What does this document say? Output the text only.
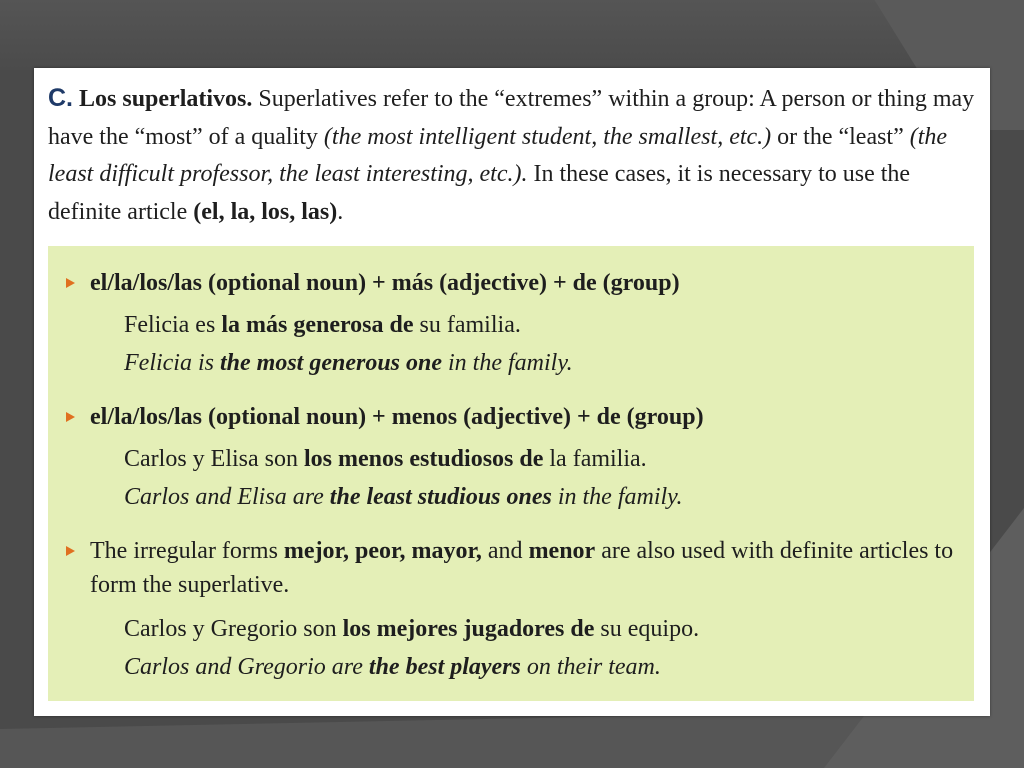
C. Los superlativos. Superlatives refer to the “extremes” within a group: A person or thing may have the “most” of a quality (the most intelligent student, the smallest, etc.) or the “least” (the least difficult professor, the least interesting, etc.). In these cases, it is necessary to use the definite article (el, la, los, las).
el/la/los/las (optional noun) + más (adjective) + de (group)
Felicia es la más generosa de su familia.
Felicia is the most generous one in the family.
el/la/los/las (optional noun) + menos (adjective) + de (group)
Carlos y Elisa son los menos estudiosos de la familia.
Carlos and Elisa are the least studious ones in the family.
The irregular forms mejor, peor, mayor, and menor are also used with definite articles to form the superlative.
Carlos y Gregorio son los mejores jugadores de su equipo.
Carlos and Gregorio are the best players on their team.
